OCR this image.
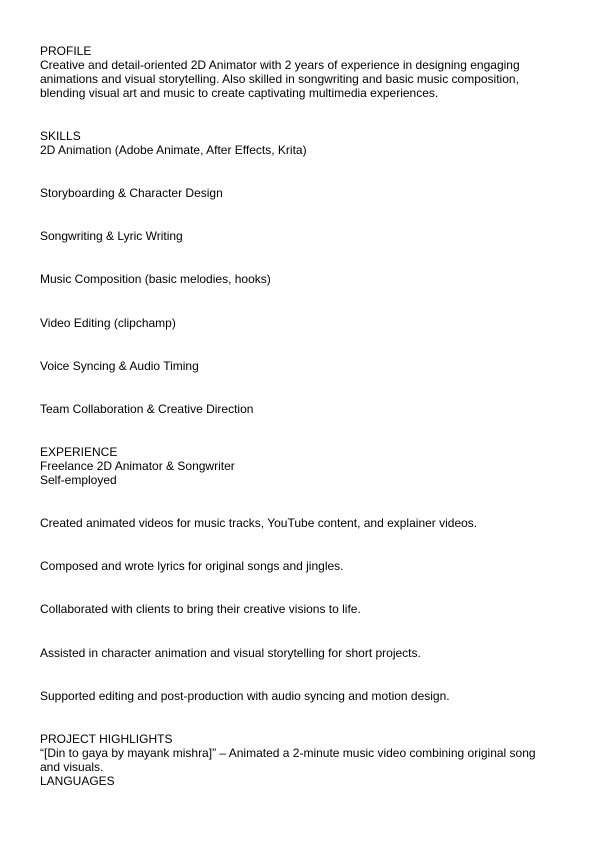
PROFILE

Creative and detail-oriented 2D Animator with 2 years of experience in designing engaging

animations and visual storytelling. Also skilled in songwriting and basic music composition,

blending visual art and music to create captivating multimedia experiences.

SKILLS

2D Animation (Adobe Animate, After Effects, Krita)

Storyboarding & Character Design

Songwriting & Lyric Writing

Music Composition (basic melodies, hooks)

Video Editing (clipchamp)

Voice Syncing & Audio Timing

Team Collaboration & Creative Direction

EXPERIENCE

Freelance 2D Animator & Songwriter

Self-employed

Created animated videos for music tracks, YouTube content, and explainer videos.

Composed and wrote lyrics for original songs and jingles.

Collaborated with clients to bring their creative visions to life.

Assisted in character animation and visual storytelling for short projects.

Supported editing and post-production with audio syncing and motion design.

PROJECT HIGHLIGHTS

“[Din to gaya by mayank mishra]” – Animated a 2-minute music video combining original song

and visuals.

LANGUAGES
